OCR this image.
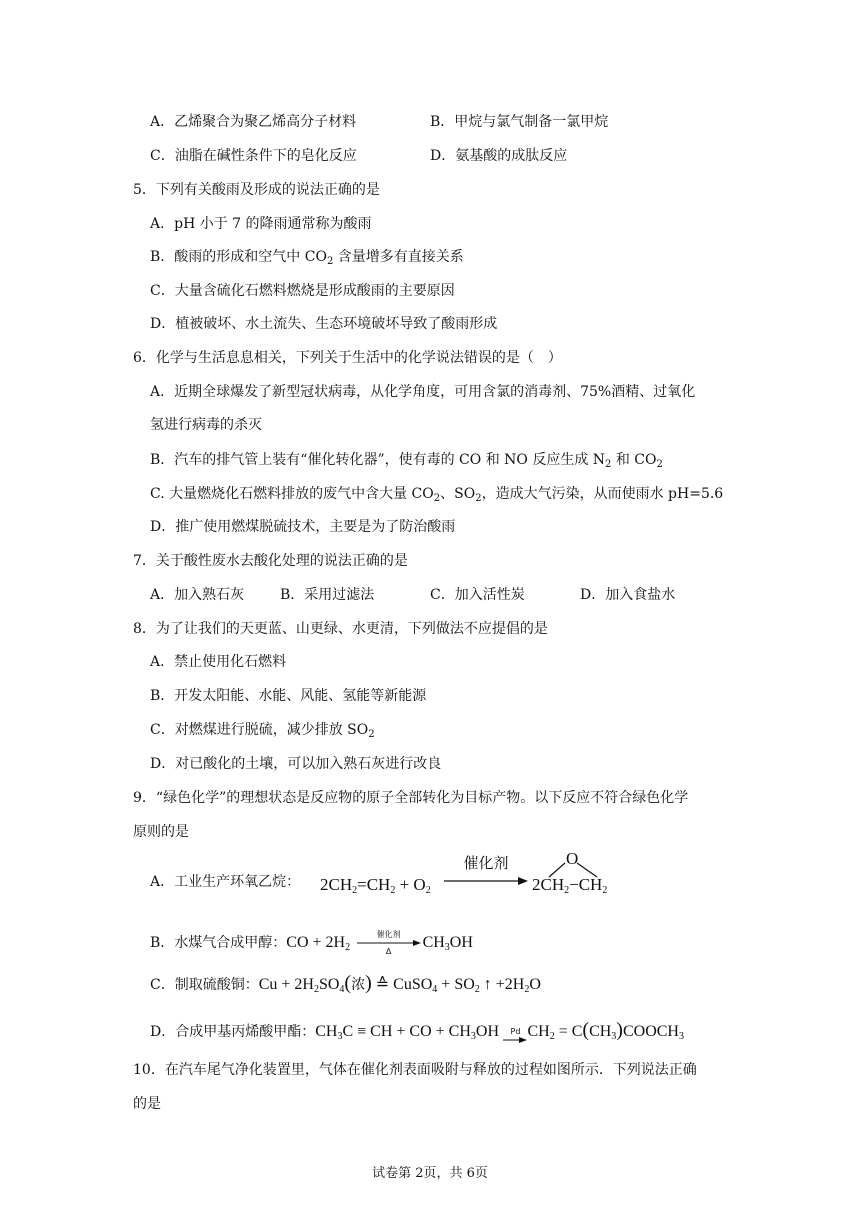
A．乙烯聚合为聚乙烯高分子材料	B．甲烷与氯气制备一氯甲烷
C．油脂在碱性条件下的皂化反应	D．氨基酸的成肽反应
5．下列有关酸雨及形成的说法正确的是
A．pH 小于 7 的降雨通常称为酸雨
B．酸雨的形成和空气中 $CO_2$ 含量增多有直接关系
C．大量含硫化石燃料燃烧是形成酸雨的主要原因
D．植被破坏、水土流失、生态环境破坏导致了酸雨形成
6．化学与生活息息相关，下列关于生活中的化学说法错误的是（　）
A．近期全球爆发了新型冠状病毒，从化学角度，可用含氯的消毒剂、75%酒精、过氧化
氢进行病毒的杀灭
B．汽车的排气管上装有“催化转化器”，使有毒的 CO 和 NO 反应生成 $N_2$ 和 $CO_2$
C. 大量燃烧化石燃料排放的废气中含大量 $CO_2$、$SO_2$，造成大气污染，从而使雨水 pH=5.6
D．推广使用燃煤脱硫技术，主要是为了防治酸雨
7．关于酸性废水去酸化处理的说法正确的是
A．加入熟石灰	B．采用过滤法	C．加入活性炭	D．加入食盐水
8．为了让我们的天更蓝、山更绿、水更清，下列做法不应提倡的是
A．禁止使用化石燃料
B．开发太阳能、水能、风能、氢能等新能源
C．对燃煤进行脱硫，减少排放 $SO_2$
D．对已酸化的土壤，可以加入熟石灰进行改良
9．“绿色化学”的理想状态是反应物的原子全部转化为目标产物。以下反应不符合绿色化学
原则的是
A．工业生产环氧乙烷： $2CH_2=CH_2 + O_2$
催化剂
$2CH_2-CH_2$
O
B．水煤气合成甲醇：CO + $2H_2$
催化剂
Δ
$CH_3OH$
C．制取硫酸铜：$Cu + 2H_2SO_4$(浓) ≙ CuSO$_4$ + $SO_2$ ↑ $+2H_2O$
D．合成甲基丙烯酸甲酯：$CH_3C$ ≡ CH + CO + $CH_3OH$	Pd $CH_2$ = $C(CH_3)COOCH_3$
10．在汽车尾气净化装置里，气体在催化剂表面吸附与释放的过程如图所示．下列说法正确
的是
试卷第 2页，共 6页
